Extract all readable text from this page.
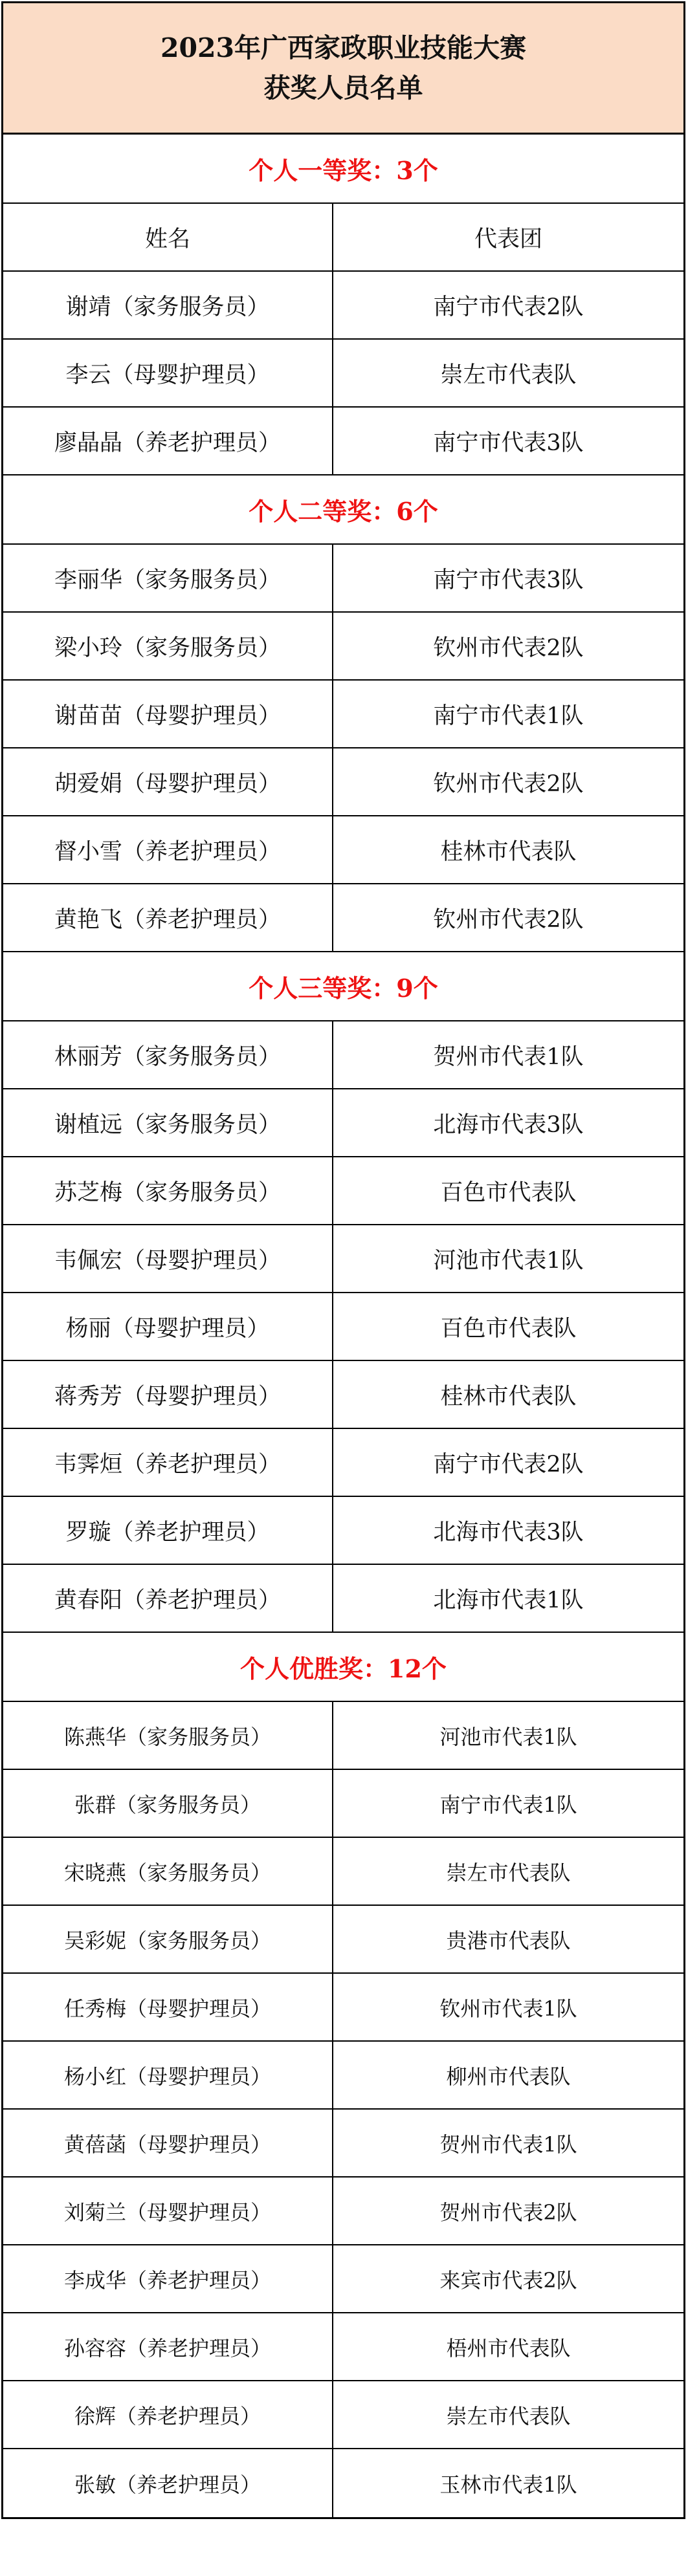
2023年广西家政职业技能大赛
获奖人员名单
个人一等奖：3个
姓名	代表团
谢靖（家务服务员）	南宁市代表2队
李云（母婴护理员）	崇左市代表队
廖晶晶（养老护理员）	南宁市代表3队
个人二等奖：6个
李丽华（家务服务员）	南宁市代表3队
梁小玲（家务服务员）	钦州市代表2队
谢苗苗（母婴护理员）	南宁市代表1队
胡爱娟（母婴护理员）	钦州市代表2队
督小雪（养老护理员）	桂林市代表队
黄艳飞（养老护理员）	钦州市代表2队
个人三等奖：9个
林丽芳（家务服务员）	贺州市代表1队
谢植远（家务服务员）	北海市代表3队
苏芝梅（家务服务员）	百色市代表队
韦佩宏（母婴护理员）	河池市代表1队
杨丽（母婴护理员）	百色市代表队
蒋秀芳（母婴护理员）	桂林市代表队
韦霁烜（养老护理员）	南宁市代表2队
罗璇（养老护理员）	北海市代表3队
黄春阳（养老护理员）	北海市代表1队
个人优胜奖：12个
陈燕华（家务服务员）	河池市代表1队
张群（家务服务员）	南宁市代表1队
宋晓燕（家务服务员）	崇左市代表队
吴彩妮（家务服务员）	贵港市代表队
任秀梅（母婴护理员）	钦州市代表1队
杨小红（母婴护理员）	柳州市代表队
黄蓓菡（母婴护理员）	贺州市代表1队
刘菊兰（母婴护理员）	贺州市代表2队
李成华（养老护理员）	来宾市代表2队
孙容容（养老护理员）	梧州市代表队
徐辉（养老护理员）	崇左市代表队
张敏（养老护理员）	玉林市代表1队
